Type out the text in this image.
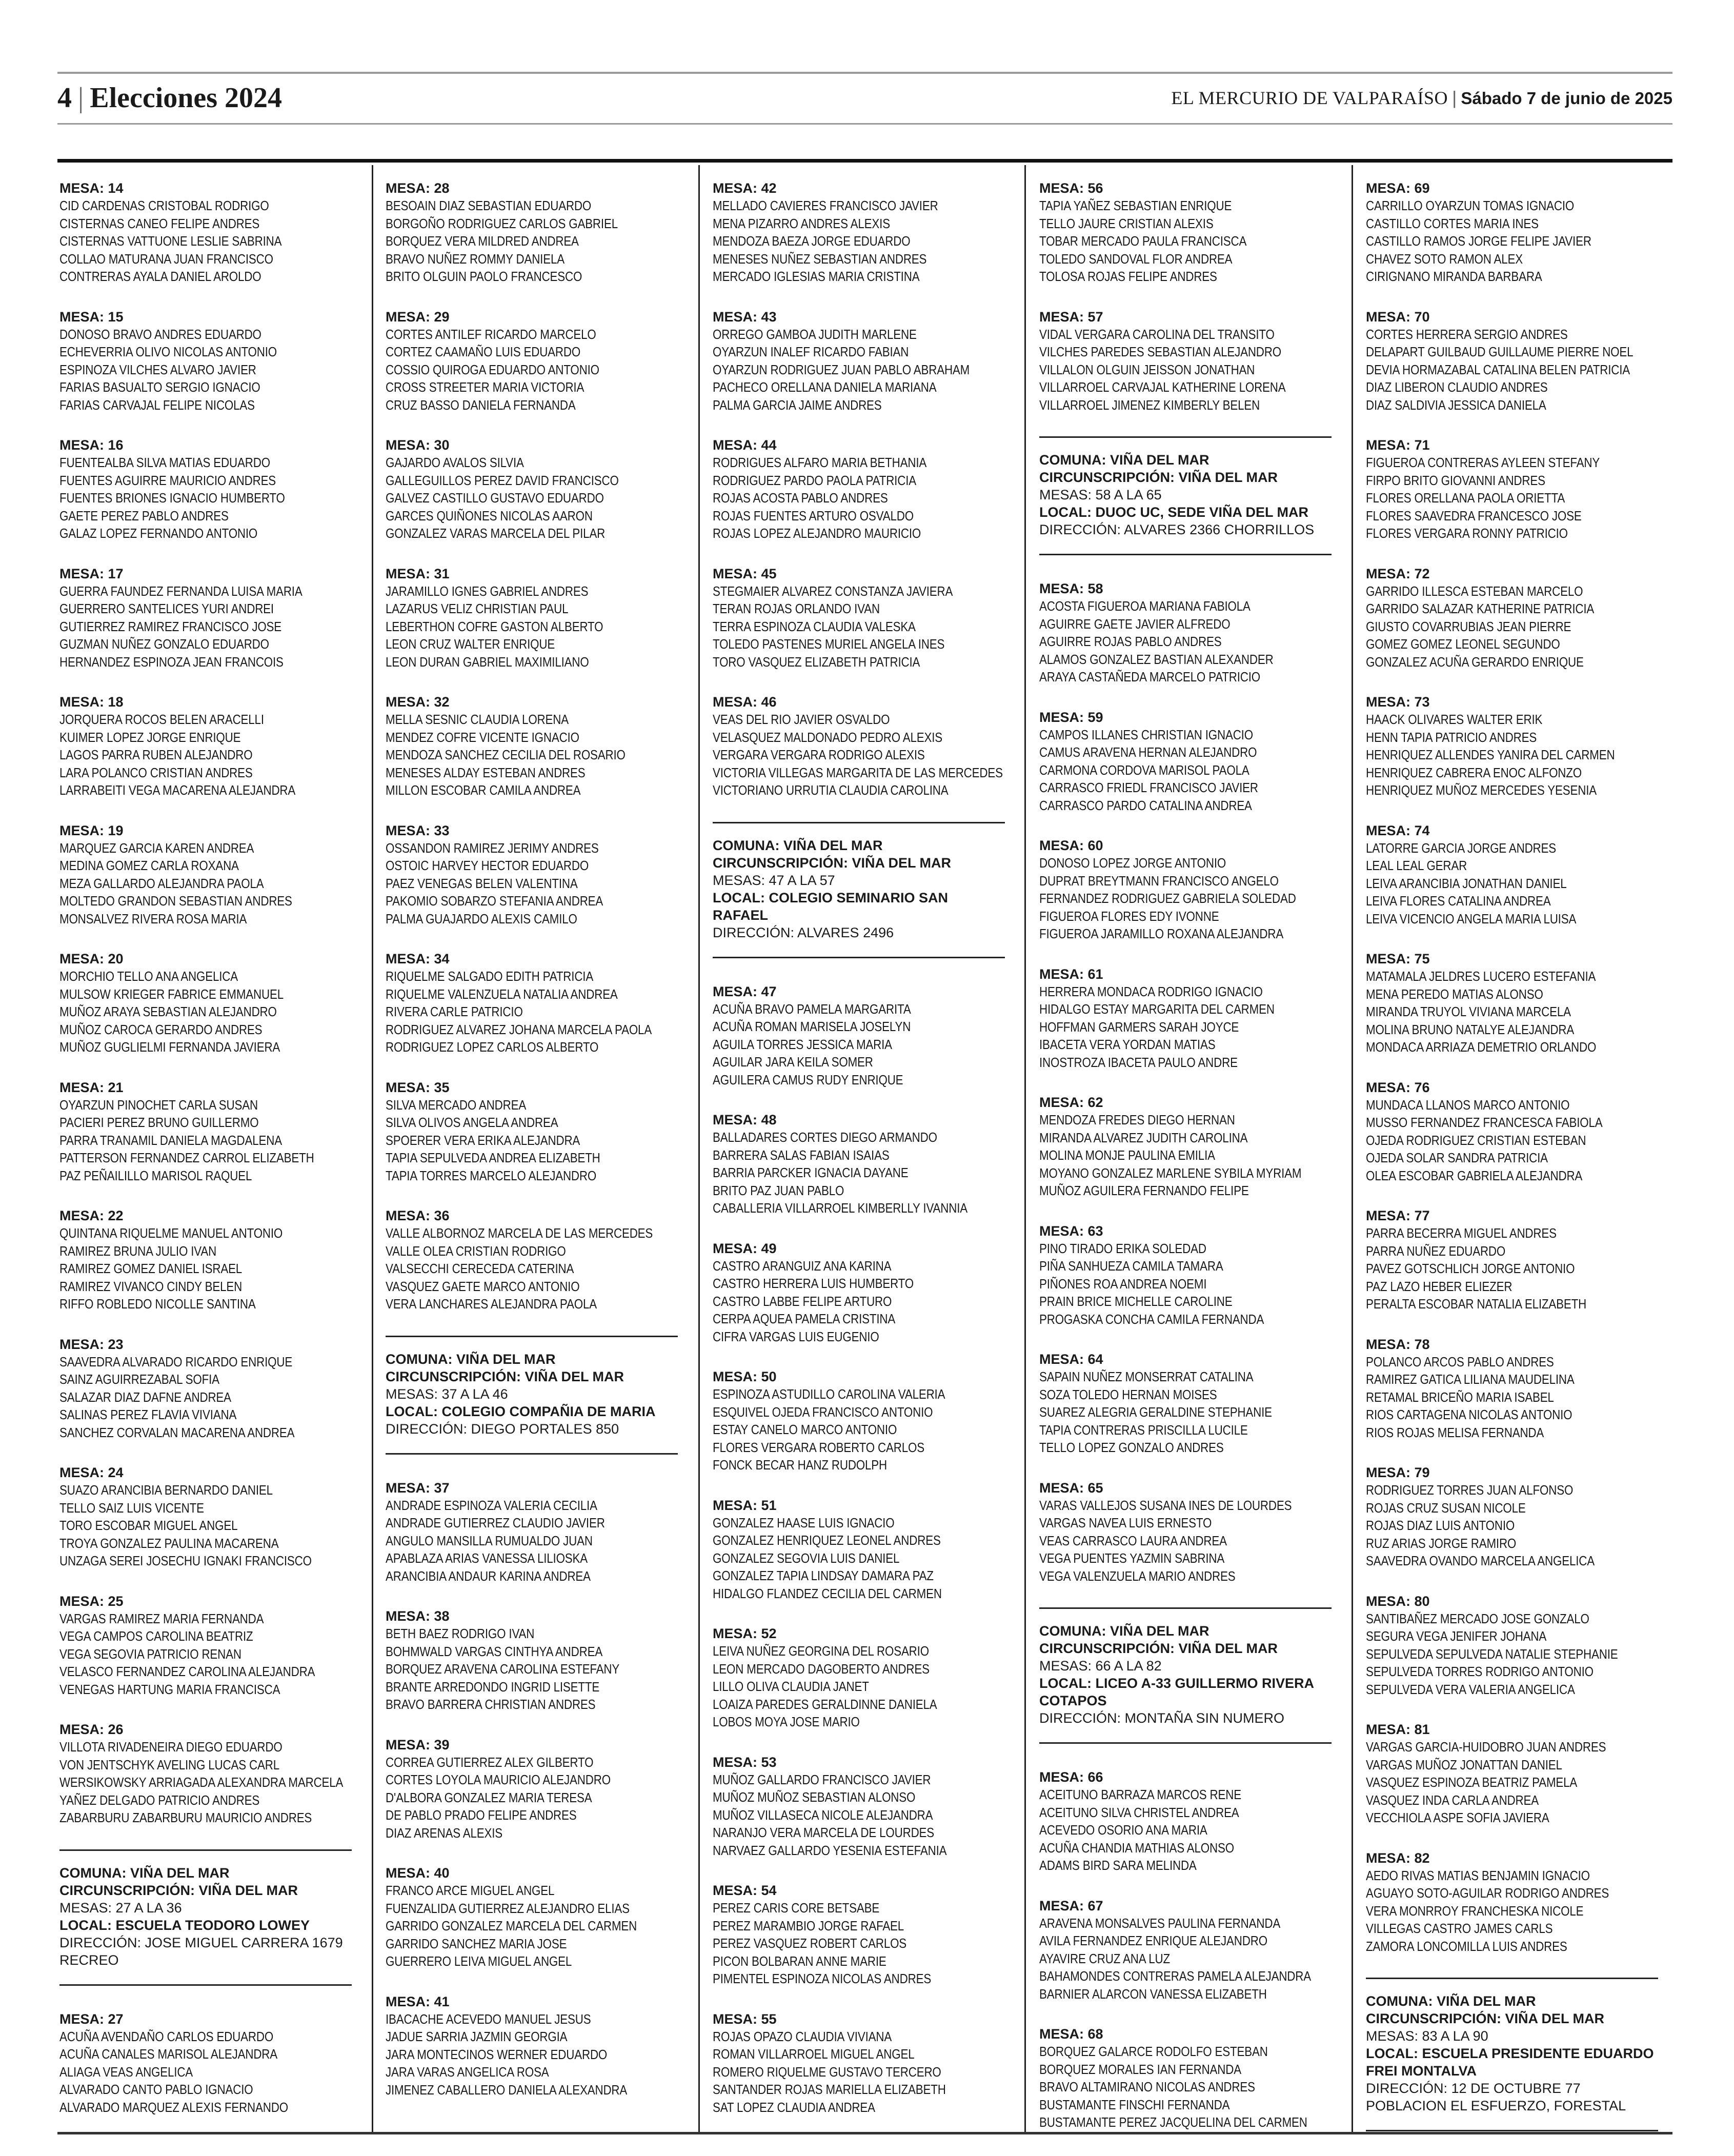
4 | Elecciones 2024	EL MERCURIO DE VALPARAÍSO | Sábado 7 de junio de 2025
MESA: 14
CID CARDENAS CRISTOBAL RODRIGO
CISTERNAS CANEO FELIPE ANDRES
CISTERNAS VATTUONE LESLIE SABRINA
COLLAO MATURANA JUAN FRANCISCO
CONTRERAS AYALA DANIEL AROLDO
MESA: 15
DONOSO BRAVO ANDRES EDUARDO
ECHEVERRIA OLIVO NICOLAS ANTONIO
ESPINOZA VILCHES ALVARO JAVIER
FARIAS BASUALTO SERGIO IGNACIO
FARIAS CARVAJAL FELIPE NICOLAS
MESA: 16
FUENTEALBA SILVA MATIAS EDUARDO
FUENTES AGUIRRE MAURICIO ANDRES
FUENTES BRIONES IGNACIO HUMBERTO
GAETE PEREZ PABLO ANDRES
GALAZ LOPEZ FERNANDO ANTONIO
MESA: 17
GUERRA FAUNDEZ FERNANDA LUISA MARIA
GUERRERO SANTELICES YURI ANDREI
GUTIERREZ RAMIREZ FRANCISCO JOSE
GUZMAN NUÑEZ GONZALO EDUARDO
HERNANDEZ ESPINOZA JEAN FRANCOIS
MESA: 18
JORQUERA ROCOS BELEN ARACELLI
KUIMER LOPEZ JORGE ENRIQUE
LAGOS PARRA RUBEN ALEJANDRO
LARA POLANCO CRISTIAN ANDRES
LARRABEITI VEGA MACARENA ALEJANDRA
MESA: 19
MARQUEZ GARCIA KAREN ANDREA
MEDINA GOMEZ CARLA ROXANA
MEZA GALLARDO ALEJANDRA PAOLA
MOLTEDO GRANDON SEBASTIAN ANDRES
MONSALVEZ RIVERA ROSA MARIA
MESA: 20
MORCHIO TELLO ANA ANGELICA
MULSOW KRIEGER FABRICE EMMANUEL
MUÑOZ ARAYA SEBASTIAN ALEJANDRO
MUÑOZ CAROCA GERARDO ANDRES
MUÑOZ GUGLIELMI FERNANDA JAVIERA
MESA: 21
OYARZUN PINOCHET CARLA SUSAN
PACIERI PEREZ BRUNO GUILLERMO
PARRA TRANAMIL DANIELA MAGDALENA
PATTERSON FERNANDEZ CARROL ELIZABETH
PAZ PEÑAILILLO MARISOL RAQUEL
MESA: 22
QUINTANA RIQUELME MANUEL ANTONIO
RAMIREZ BRUNA JULIO IVAN
RAMIREZ GOMEZ DANIEL ISRAEL
RAMIREZ VIVANCO CINDY BELEN
RIFFO ROBLEDO NICOLLE SANTINA
MESA: 23
SAAVEDRA ALVARADO RICARDO ENRIQUE
SAINZ AGUIRREZABAL SOFIA
SALAZAR DIAZ DAFNE ANDREA
SALINAS PEREZ FLAVIA VIVIANA
SANCHEZ CORVALAN MACARENA ANDREA
MESA: 24
SUAZO ARANCIBIA BERNARDO DANIEL
TELLO SAIZ LUIS VICENTE
TORO ESCOBAR MIGUEL ANGEL
TROYA GONZALEZ PAULINA MACARENA
UNZAGA SEREI JOSECHU IGNAKI FRANCISCO
MESA: 25
VARGAS RAMIREZ MARIA FERNANDA
VEGA CAMPOS CAROLINA BEATRIZ
VEGA SEGOVIA PATRICIO RENAN
VELASCO FERNANDEZ CAROLINA ALEJANDRA
VENEGAS HARTUNG MARIA FRANCISCA
MESA: 26
VILLOTA RIVADENEIRA DIEGO EDUARDO
VON JENTSCHYK AVELING LUCAS CARL
WERSIKOWSKY ARRIAGADA ALEXANDRA MARCELA
YAÑEZ DELGADO PATRICIO ANDRES
ZABARBURU ZABARBURU MAURICIO ANDRES
COMUNA: VIÑA DEL MAR
CIRCUNSCRIPCIÓN: VIÑA DEL MAR
MESAS: 27 A LA 36
LOCAL: ESCUELA TEODORO LOWEY
DIRECCIÓN: JOSE MIGUEL CARRERA 1679 RECREO
MESA: 27
ACUÑA AVENDAÑO CARLOS EDUARDO
ACUÑA CANALES MARISOL ALEJANDRA
ALIAGA VEAS ANGELICA
ALVARADO CANTO PABLO IGNACIO
ALVARADO MARQUEZ ALEXIS FERNANDO
MESA: 28
BESOAIN DIAZ SEBASTIAN EDUARDO
BORGOÑO RODRIGUEZ CARLOS GABRIEL
BORQUEZ VERA MILDRED ANDREA
BRAVO NUÑEZ ROMMY DANIELA
BRITO OLGUIN PAOLO FRANCESCO
MESA: 29
CORTES ANTILEF RICARDO MARCELO
CORTEZ CAAMAÑO LUIS EDUARDO
COSSIO QUIROGA EDUARDO ANTONIO
CROSS STREETER MARIA VICTORIA
CRUZ BASSO DANIELA FERNANDA
MESA: 30
GAJARDO AVALOS SILVIA
GALLEGUILLOS PEREZ DAVID FRANCISCO
GALVEZ CASTILLO GUSTAVO EDUARDO
GARCES QUIÑONES NICOLAS AARON
GONZALEZ VARAS MARCELA DEL PILAR
MESA: 31
JARAMILLO IGNES GABRIEL ANDRES
LAZARUS VELIZ CHRISTIAN PAUL
LEBERTHON COFRE GASTON ALBERTO
LEON CRUZ WALTER ENRIQUE
LEON DURAN GABRIEL MAXIMILIANO
MESA: 32
MELLA SESNIC CLAUDIA LORENA
MENDEZ COFRE VICENTE IGNACIO
MENDOZA SANCHEZ CECILIA DEL ROSARIO
MENESES ALDAY ESTEBAN ANDRES
MILLON ESCOBAR CAMILA ANDREA
MESA: 33
OSSANDON RAMIREZ JERIMY ANDRES
OSTOIC HARVEY HECTOR EDUARDO
PAEZ VENEGAS BELEN VALENTINA
PAKOMIO SOBARZO STEFANIA ANDREA
PALMA GUAJARDO ALEXIS CAMILO
MESA: 34
RIQUELME SALGADO EDITH PATRICIA
RIQUELME VALENZUELA NATALIA ANDREA
RIVERA CARLE PATRICIO
RODRIGUEZ ALVAREZ JOHANA MARCELA PAOLA
RODRIGUEZ LOPEZ CARLOS ALBERTO
MESA: 35
SILVA MERCADO ANDREA
SILVA OLIVOS ANGELA ANDREA
SPOERER VERA ERIKA ALEJANDRA
TAPIA SEPULVEDA ANDREA ELIZABETH
TAPIA TORRES MARCELO ALEJANDRO
MESA: 36
VALLE ALBORNOZ MARCELA DE LAS MERCEDES
VALLE OLEA CRISTIAN RODRIGO
VALSECCHI CERECEDA CATERINA
VASQUEZ GAETE MARCO ANTONIO
VERA LANCHARES ALEJANDRA PAOLA
COMUNA: VIÑA DEL MAR
CIRCUNSCRIPCIÓN: VIÑA DEL MAR
MESAS: 37 A LA 46
LOCAL: COLEGIO COMPAÑIA DE MARIA
DIRECCIÓN: DIEGO PORTALES 850
MESA: 37
ANDRADE ESPINOZA VALERIA CECILIA
ANDRADE GUTIERREZ CLAUDIO JAVIER
ANGULO MANSILLA RUMUALDO JUAN
APABLAZA ARIAS VANESSA LILIOSKA
ARANCIBIA ANDAUR KARINA ANDREA
MESA: 38
BETH BAEZ RODRIGO IVAN
BOHMWALD VARGAS CINTHYA ANDREA
BORQUEZ ARAVENA CAROLINA ESTEFANY
BRANTE ARREDONDO INGRID LISETTE
BRAVO BARRERA CHRISTIAN ANDRES
MESA: 39
CORREA GUTIERREZ ALEX GILBERTO
CORTES LOYOLA MAURICIO ALEJANDRO
D'ALBORA GONZALEZ MARIA TERESA
DE PABLO PRADO FELIPE ANDRES
DIAZ ARENAS ALEXIS
MESA: 40
FRANCO ARCE MIGUEL ANGEL
FUENZALIDA GUTIERREZ ALEJANDRO ELIAS
GARRIDO GONZALEZ MARCELA DEL CARMEN
GARRIDO SANCHEZ MARIA JOSE
GUERRERO LEIVA MIGUEL ANGEL
MESA: 41
IBACACHE ACEVEDO MANUEL JESUS
JADUE SARRIA JAZMIN GEORGIA
JARA MONTECINOS WERNER EDUARDO
JARA VARAS ANGELICA ROSA
JIMENEZ CABALLERO DANIELA ALEXANDRA
MESA: 42
MELLADO CAVIERES FRANCISCO JAVIER
MENA PIZARRO ANDRES ALEXIS
MENDOZA BAEZA JORGE EDUARDO
MENESES NUÑEZ SEBASTIAN ANDRES
MERCADO IGLESIAS MARIA CRISTINA
MESA: 43
ORREGO GAMBOA JUDITH MARLENE
OYARZUN INALEF RICARDO FABIAN
OYARZUN RODRIGUEZ JUAN PABLO ABRAHAM
PACHECO ORELLANA DANIELA MARIANA
PALMA GARCIA JAIME ANDRES
MESA: 44
RODRIGUES ALFARO MARIA BETHANIA
RODRIGUEZ PARDO PAOLA PATRICIA
ROJAS ACOSTA PABLO ANDRES
ROJAS FUENTES ARTURO OSVALDO
ROJAS LOPEZ ALEJANDRO MAURICIO
MESA: 45
STEGMAIER ALVAREZ CONSTANZA JAVIERA
TERAN ROJAS ORLANDO IVAN
TERRA ESPINOZA CLAUDIA VALESKA
TOLEDO PASTENES MURIEL ANGELA INES
TORO VASQUEZ ELIZABETH PATRICIA
MESA: 46
VEAS DEL RIO JAVIER OSVALDO
VELASQUEZ MALDONADO PEDRO ALEXIS
VERGARA VERGARA RODRIGO ALEXIS
VICTORIA VILLEGAS MARGARITA DE LAS MERCEDES
VICTORIANO URRUTIA CLAUDIA CAROLINA
COMUNA: VIÑA DEL MAR
CIRCUNSCRIPCIÓN: VIÑA DEL MAR
MESAS: 47 A LA 57
LOCAL: COLEGIO SEMINARIO SAN RAFAEL
DIRECCIÓN: ALVARES 2496
MESA: 47
ACUÑA BRAVO PAMELA MARGARITA
ACUÑA ROMAN MARISELA JOSELYN
AGUILA TORRES JESSICA MARIA
AGUILAR JARA KEILA SOMER
AGUILERA CAMUS RUDY ENRIQUE
MESA: 48
BALLADARES CORTES DIEGO ARMANDO
BARRERA SALAS FABIAN ISAIAS
BARRIA PARCKER IGNACIA DAYANE
BRITO PAZ JUAN PABLO
CABALLERIA VILLARROEL KIMBERLLY IVANNIA
MESA: 49
CASTRO ARANGUIZ ANA KARINA
CASTRO HERRERA LUIS HUMBERTO
CASTRO LABBE FELIPE ARTURO
CERPA AQUEA PAMELA CRISTINA
CIFRA VARGAS LUIS EUGENIO
MESA: 50
ESPINOZA ASTUDILLO CAROLINA VALERIA
ESQUIVEL OJEDA FRANCISCO ANTONIO
ESTAY CANELO MARCO ANTONIO
FLORES VERGARA ROBERTO CARLOS
FONCK BECAR HANZ RUDOLPH
MESA: 51
GONZALEZ HAASE LUIS IGNACIO
GONZALEZ HENRIQUEZ LEONEL ANDRES
GONZALEZ SEGOVIA LUIS DANIEL
GONZALEZ TAPIA LINDSAY DAMARA PAZ
HIDALGO FLANDEZ CECILIA DEL CARMEN
MESA: 52
LEIVA NUÑEZ GEORGINA DEL ROSARIO
LEON MERCADO DAGOBERTO ANDRES
LILLO OLIVA CLAUDIA JANET
LOAIZA PAREDES GERALDINNE DANIELA
LOBOS MOYA JOSE MARIO
MESA: 53
MUÑOZ GALLARDO FRANCISCO JAVIER
MUÑOZ MUÑOZ SEBASTIAN ALONSO
MUÑOZ VILLASECA NICOLE ALEJANDRA
NARANJO VERA MARCELA DE LOURDES
NARVAEZ GALLARDO YESENIA ESTEFANIA
MESA: 54
PEREZ CARIS CORE BETSABE
PEREZ MARAMBIO JORGE RAFAEL
PEREZ VASQUEZ ROBERT CARLOS
PICON BOLBARAN ANNE MARIE
PIMENTEL ESPINOZA NICOLAS ANDRES
MESA: 55
ROJAS OPAZO CLAUDIA VIVIANA
ROMAN VILLARROEL MIGUEL ANGEL
ROMERO RIQUELME GUSTAVO TERCERO
SANTANDER ROJAS MARIELLA ELIZABETH
SAT LOPEZ CLAUDIA ANDREA
MESA: 56
TAPIA YAÑEZ SEBASTIAN ENRIQUE
TELLO JAURE CRISTIAN ALEXIS
TOBAR MERCADO PAULA FRANCISCA
TOLEDO SANDOVAL FLOR ANDREA
TOLOSA ROJAS FELIPE ANDRES
MESA: 57
VIDAL VERGARA CAROLINA DEL TRANSITO
VILCHES PAREDES SEBASTIAN ALEJANDRO
VILLALON OLGUIN JEISSON JONATHAN
VILLARROEL CARVAJAL KATHERINE LORENA
VILLARROEL JIMENEZ KIMBERLY BELEN
COMUNA: VIÑA DEL MAR
CIRCUNSCRIPCIÓN: VIÑA DEL MAR
MESAS: 58 A LA 65
LOCAL: DUOC UC, SEDE VIÑA DEL MAR
DIRECCIÓN: ALVARES 2366 CHORRILLOS
MESA: 58
ACOSTA FIGUEROA MARIANA FABIOLA
AGUIRRE GAETE JAVIER ALFREDO
AGUIRRE ROJAS PABLO ANDRES
ALAMOS GONZALEZ BASTIAN ALEXANDER
ARAYA CASTAÑEDA MARCELO PATRICIO
MESA: 59
CAMPOS ILLANES CHRISTIAN IGNACIO
CAMUS ARAVENA HERNAN ALEJANDRO
CARMONA CORDOVA MARISOL PAOLA
CARRASCO FRIEDL FRANCISCO JAVIER
CARRASCO PARDO CATALINA ANDREA
MESA: 60
DONOSO LOPEZ JORGE ANTONIO
DUPRAT BREYTMANN FRANCISCO ANGELO
FERNANDEZ RODRIGUEZ GABRIELA SOLEDAD
FIGUEROA FLORES EDY IVONNE
FIGUEROA JARAMILLO ROXANA ALEJANDRA
MESA: 61
HERRERA MONDACA RODRIGO IGNACIO
HIDALGO ESTAY MARGARITA DEL CARMEN
HOFFMAN GARMERS SARAH JOYCE
IBACETA VERA YORDAN MATIAS
INOSTROZA IBACETA PAULO ANDRE
MESA: 62
MENDOZA FREDES DIEGO HERNAN
MIRANDA ALVAREZ JUDITH CAROLINA
MOLINA MONJE PAULINA EMILIA
MOYANO GONZALEZ MARLENE SYBILA MYRIAM
MUÑOZ AGUILERA FERNANDO FELIPE
MESA: 63
PINO TIRADO ERIKA SOLEDAD
PIÑA SANHUEZA CAMILA TAMARA
PIÑONES ROA ANDREA NOEMI
PRAIN BRICE MICHELLE CAROLINE
PROGASKA CONCHA CAMILA FERNANDA
MESA: 64
SAPAIN NUÑEZ MONSERRAT CATALINA
SOZA TOLEDO HERNAN MOISES
SUAREZ ALEGRIA GERALDINE STEPHANIE
TAPIA CONTRERAS PRISCILLA LUCILE
TELLO LOPEZ GONZALO ANDRES
MESA: 65
VARAS VALLEJOS SUSANA INES DE LOURDES
VARGAS NAVEA LUIS ERNESTO
VEAS CARRASCO LAURA ANDREA
VEGA PUENTES YAZMIN SABRINA
VEGA VALENZUELA MARIO ANDRES
COMUNA: VIÑA DEL MAR
CIRCUNSCRIPCIÓN: VIÑA DEL MAR
MESAS: 66 A LA 82
LOCAL: LICEO A-33 GUILLERMO RIVERA COTAPOS
DIRECCIÓN: MONTAÑA SIN NUMERO
MESA: 66
ACEITUNO BARRAZA MARCOS RENE
ACEITUNO SILVA CHRISTEL ANDREA
ACEVEDO OSORIO ANA MARIA
ACUÑA CHANDIA MATHIAS ALONSO
ADAMS BIRD SARA MELINDA
MESA: 67
ARAVENA MONSALVES PAULINA FERNANDA
AVILA FERNANDEZ ENRIQUE ALEJANDRO
AYAVIRE CRUZ ANA LUZ
BAHAMONDES CONTRERAS PAMELA ALEJANDRA
BARNIER ALARCON VANESSA ELIZABETH
MESA: 68
BORQUEZ GALARCE RODOLFO ESTEBAN
BORQUEZ MORALES IAN FERNANDA
BRAVO ALTAMIRANO NICOLAS ANDRES
BUSTAMANTE FINSCHI FERNANDA
BUSTAMANTE PEREZ JACQUELINA DEL CARMEN
MESA: 69
CARRILLO OYARZUN TOMAS IGNACIO
CASTILLO CORTES MARIA INES
CASTILLO RAMOS JORGE FELIPE JAVIER
CHAVEZ SOTO RAMON ALEX
CIRIGNANO MIRANDA BARBARA
MESA: 70
CORTES HERRERA SERGIO ANDRES
DELAPART GUILBAUD GUILLAUME PIERRE NOEL
DEVIA HORMAZABAL CATALINA BELEN PATRICIA
DIAZ LIBERON CLAUDIO ANDRES
DIAZ SALDIVIA JESSICA DANIELA
MESA: 71
FIGUEROA CONTRERAS AYLEEN STEFANY
FIRPO BRITO GIOVANNI ANDRES
FLORES ORELLANA PAOLA ORIETTA
FLORES SAAVEDRA FRANCESCO JOSE
FLORES VERGARA RONNY PATRICIO
MESA: 72
GARRIDO ILLESCA ESTEBAN MARCELO
GARRIDO SALAZAR KATHERINE PATRICIA
GIUSTO COVARRUBIAS JEAN PIERRE
GOMEZ GOMEZ LEONEL SEGUNDO
GONZALEZ ACUÑA GERARDO ENRIQUE
MESA: 73
HAACK OLIVARES WALTER ERIK
HENN TAPIA PATRICIO ANDRES
HENRIQUEZ ALLENDES YANIRA DEL CARMEN
HENRIQUEZ CABRERA ENOC ALFONZO
HENRIQUEZ MUÑOZ MERCEDES YESENIA
MESA: 74
LATORRE GARCIA JORGE ANDRES
LEAL LEAL GERAR
LEIVA ARANCIBIA JONATHAN DANIEL
LEIVA FLORES CATALINA ANDREA
LEIVA VICENCIO ANGELA MARIA LUISA
MESA: 75
MATAMALA JELDRES LUCERO ESTEFANIA
MENA PEREDO MATIAS ALONSO
MIRANDA TRUYOL VIVIANA MARCELA
MOLINA BRUNO NATALYE ALEJANDRA
MONDACA ARRIAZA DEMETRIO ORLANDO
MESA: 76
MUNDACA LLANOS MARCO ANTONIO
MUSSO FERNANDEZ FRANCESCA FABIOLA
OJEDA RODRIGUEZ CRISTIAN ESTEBAN
OJEDA SOLAR SANDRA PATRICIA
OLEA ESCOBAR GABRIELA ALEJANDRA
MESA: 77
PARRA BECERRA MIGUEL ANDRES
PARRA NUÑEZ EDUARDO
PAVEZ GOTSCHLICH JORGE ANTONIO
PAZ LAZO HEBER ELIEZER
PERALTA ESCOBAR NATALIA ELIZABETH
MESA: 78
POLANCO ARCOS PABLO ANDRES
RAMIREZ GATICA LILIANA MAUDELINA
RETAMAL BRICEÑO MARIA ISABEL
RIOS CARTAGENA NICOLAS ANTONIO
RIOS ROJAS MELISA FERNANDA
MESA: 79
RODRIGUEZ TORRES JUAN ALFONSO
ROJAS CRUZ SUSAN NICOLE
ROJAS DIAZ LUIS ANTONIO
RUZ ARIAS JORGE RAMIRO
SAAVEDRA OVANDO MARCELA ANGELICA
MESA: 80
SANTIBAÑEZ MERCADO JOSE GONZALO
SEGURA VEGA JENIFER JOHANA
SEPULVEDA SEPULVEDA NATALIE STEPHANIE
SEPULVEDA TORRES RODRIGO ANTONIO
SEPULVEDA VERA VALERIA ANGELICA
MESA: 81
VARGAS GARCIA-HUIDOBRO JUAN ANDRES
VARGAS MUÑOZ JONATTAN DANIEL
VASQUEZ ESPINOZA BEATRIZ PAMELA
VASQUEZ INDA CARLA ANDREA
VECCHIOLA ASPE SOFIA JAVIERA
MESA: 82
AEDO RIVAS MATIAS BENJAMIN IGNACIO
AGUAYO SOTO-AGUILAR RODRIGO ANDRES
VERA MONRROY FRANCHESKA NICOLE
VILLEGAS CASTRO JAMES CARLS
ZAMORA LONCOMILLA LUIS ANDRES
COMUNA: VIÑA DEL MAR
CIRCUNSCRIPCIÓN: VIÑA DEL MAR
MESAS: 83 A LA 90
LOCAL: ESCUELA PRESIDENTE EDUARDO FREI MONTALVA
DIRECCIÓN: 12 DE OCTUBRE 77 POBLACION EL ESFUERZO, FORESTAL
